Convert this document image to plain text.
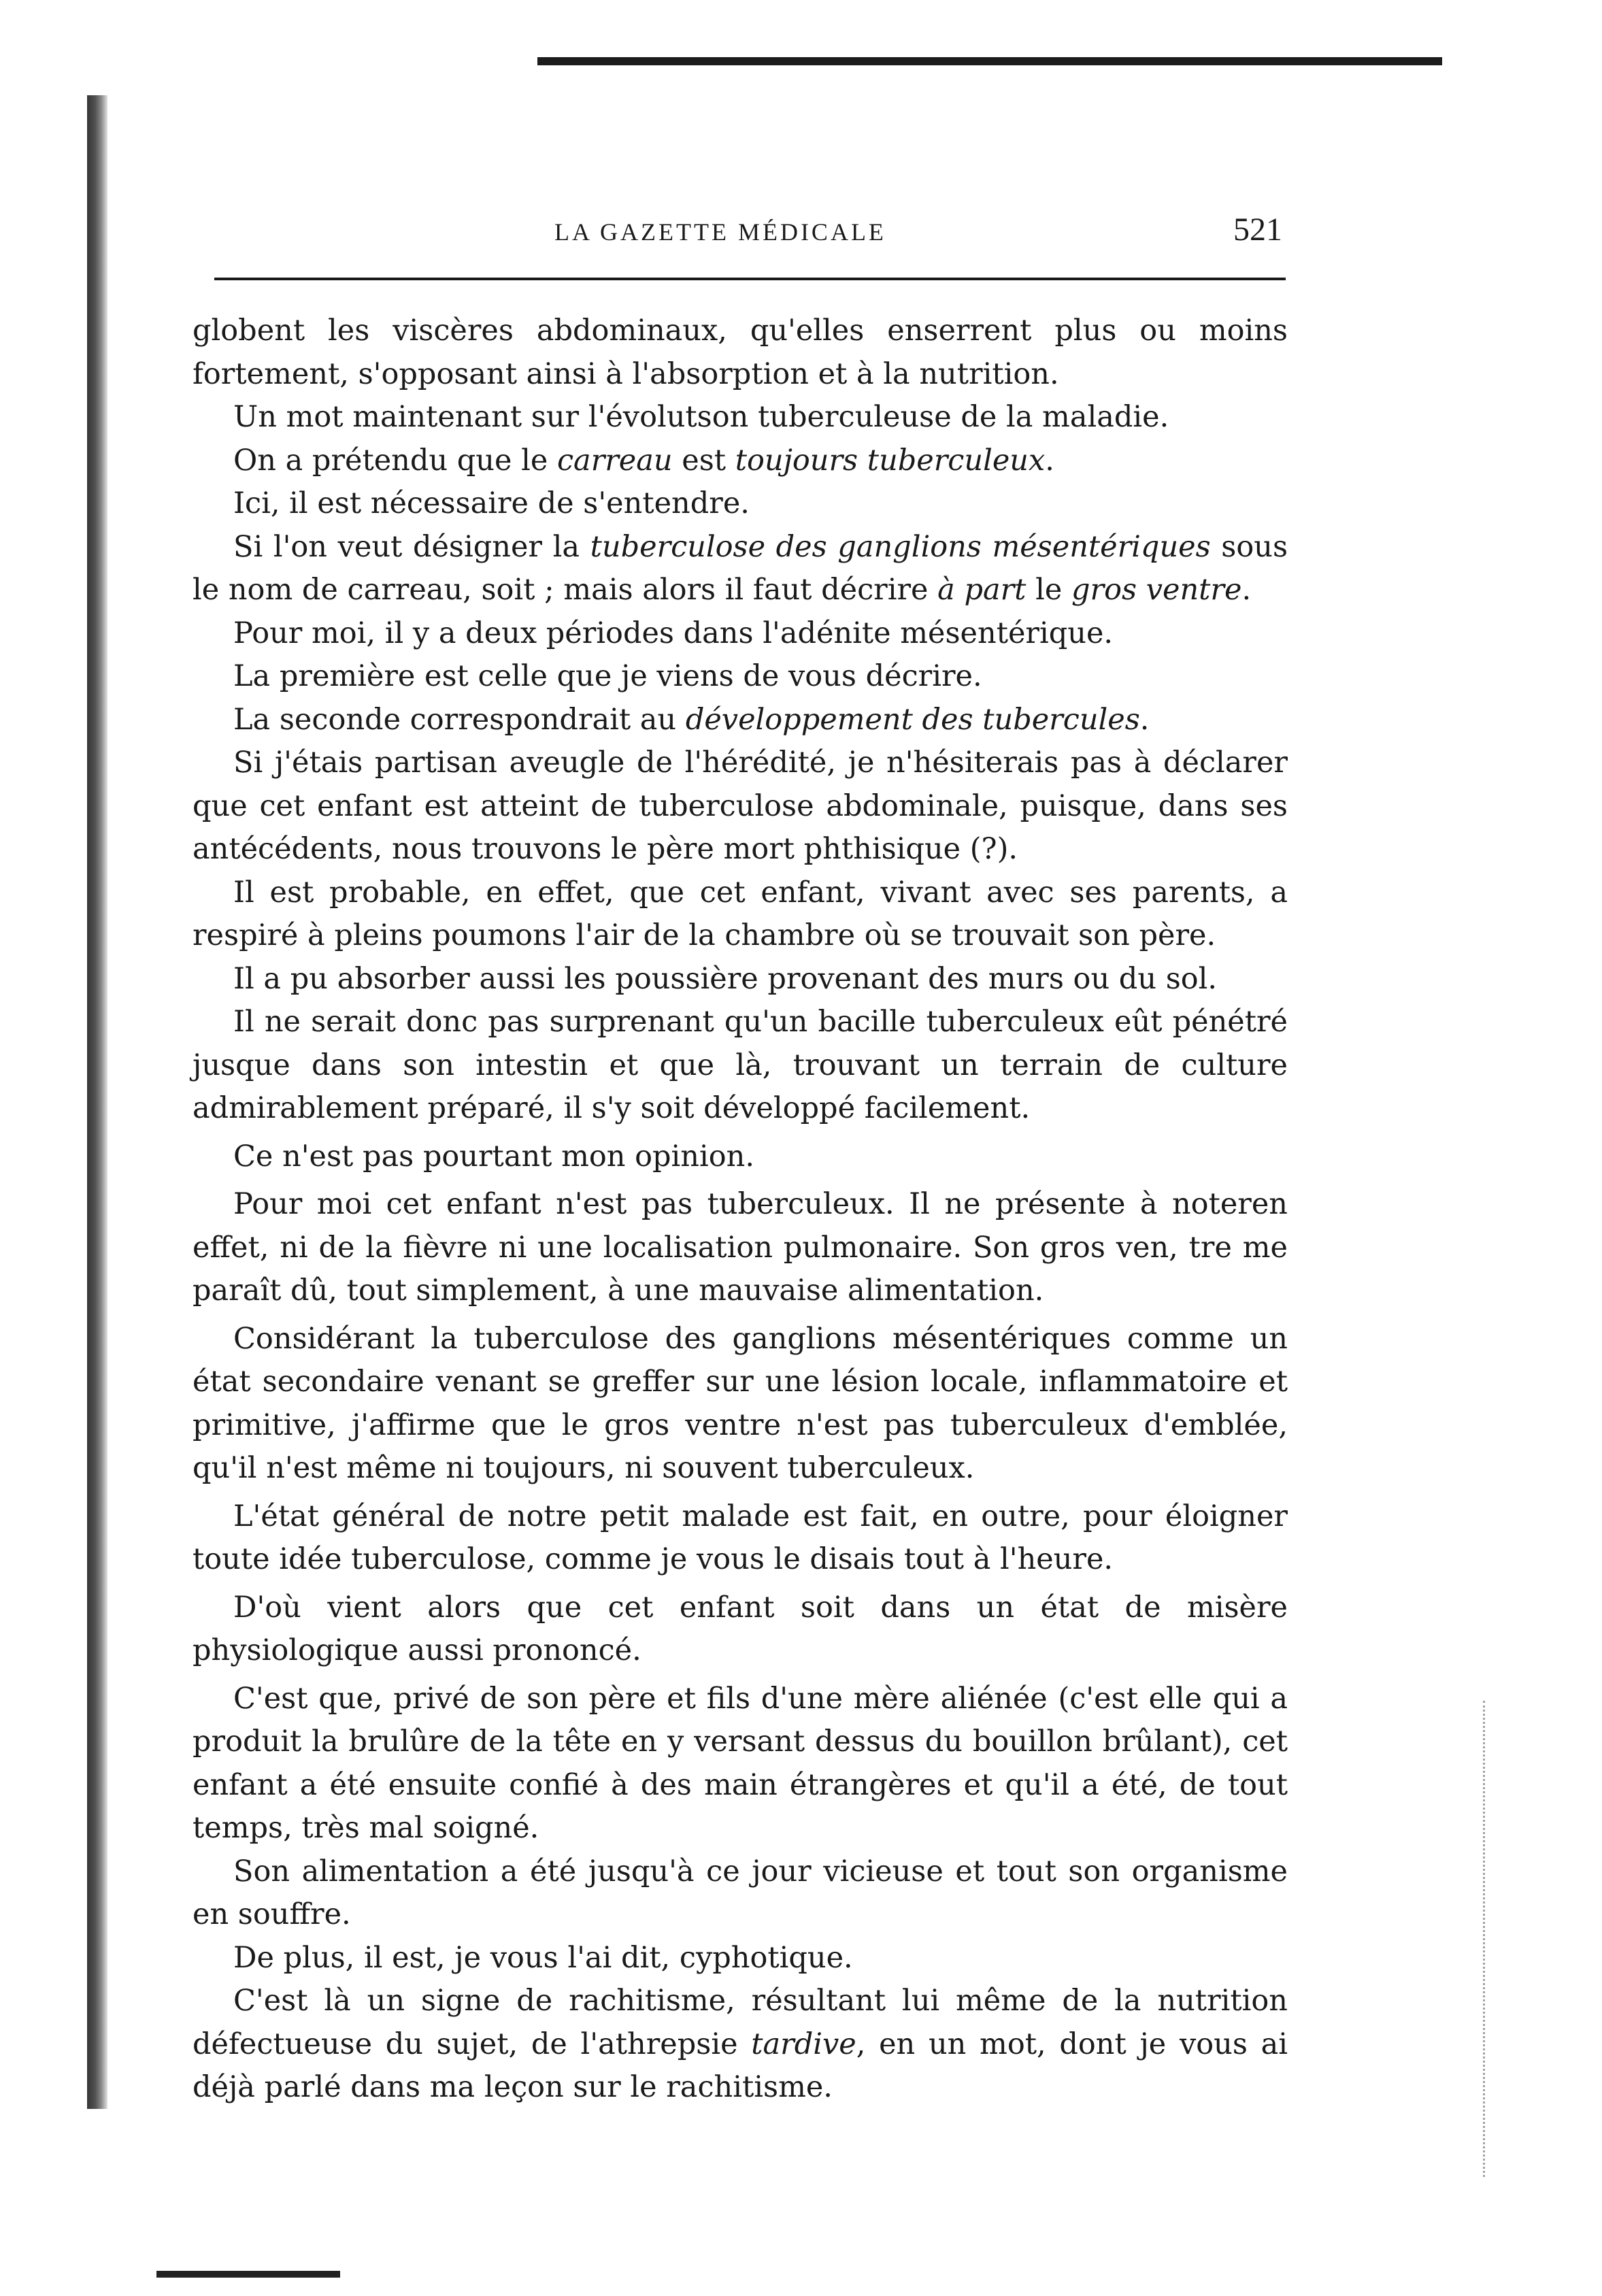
LA GAZETTE MÉDICALE	521

globent les viscères abdominaux, qu'elles enserrent plus ou moins fortement, s'opposant ainsi à l'absorption et à la nutrition.

Un mot maintenant sur l'évolutson tuberculeuse de la maladie.

On a prétendu que le carreau est toujours tuberculeux.

Ici, il est nécessaire de s'entendre.

Si l'on veut désigner la tuberculose des ganglions mésentériques sous le nom de carreau, soit ; mais alors il faut décrire à part le gros ventre.

Pour moi, il y a deux périodes dans l'adénite mésentérique.

La première est celle que je viens de vous décrire.

La seconde correspondrait au développement des tubercules.

Si j'étais partisan aveugle de l'hérédité, je n'hésiterais pas à déclarer que cet enfant est atteint de tuberculose abdominale, puisque, dans ses antécédents, nous trouvons le père mort phthisique (?).

Il est probable, en effet, que cet enfant, vivant avec ses parents, a respiré à pleins poumons l'air de la chambre où se trouvait son père.

Il a pu absorber aussi les poussière provenant des murs ou du sol.

Il ne serait donc pas surprenant qu'un bacille tuberculeux eût pénétré jusque dans son intestin et que là, trouvant un terrain de culture admirablement préparé, il s'y soit développé facilement.

Ce n'est pas pourtant mon opinion.

Pour moi cet enfant n'est pas tuberculeux. Il ne présente à noteren effet, ni de la fièvre ni une localisation pulmonaire. Son gros ven, tre me paraît dû, tout simplement, à une mauvaise alimentation.

Considérant la tuberculose des ganglions mésentériques comme un état secondaire venant se greffer sur une lésion locale, inflammatoire et primitive, j'affirme que le gros ventre n'est pas tuberculeux d'emblée, qu'il n'est même ni toujours, ni souvent tuberculeux.

L'état général de notre petit malade est fait, en outre, pour éloigner toute idée tuberculose, comme je vous le disais tout à l'heure.

D'où vient alors que cet enfant soit dans un état de misère physiologique aussi prononcé.

C'est que, privé de son père et fils d'une mère aliénée (c'est elle qui a produit la brulûre de la tête en y versant dessus du bouillon brûlant), cet enfant a été ensuite confié à des main étrangères et qu'il a été, de tout temps, très mal soigné.

Son alimentation a été jusqu'à ce jour vicieuse et tout son organisme en souffre.

De plus, il est, je vous l'ai dit, cyphotique.

C'est là un signe de rachitisme, résultant lui même de la nutrition défectueuse du sujet, de l'athrepsie tardive, en un mot, dont je vous ai déjà parlé dans ma leçon sur le rachitisme.
